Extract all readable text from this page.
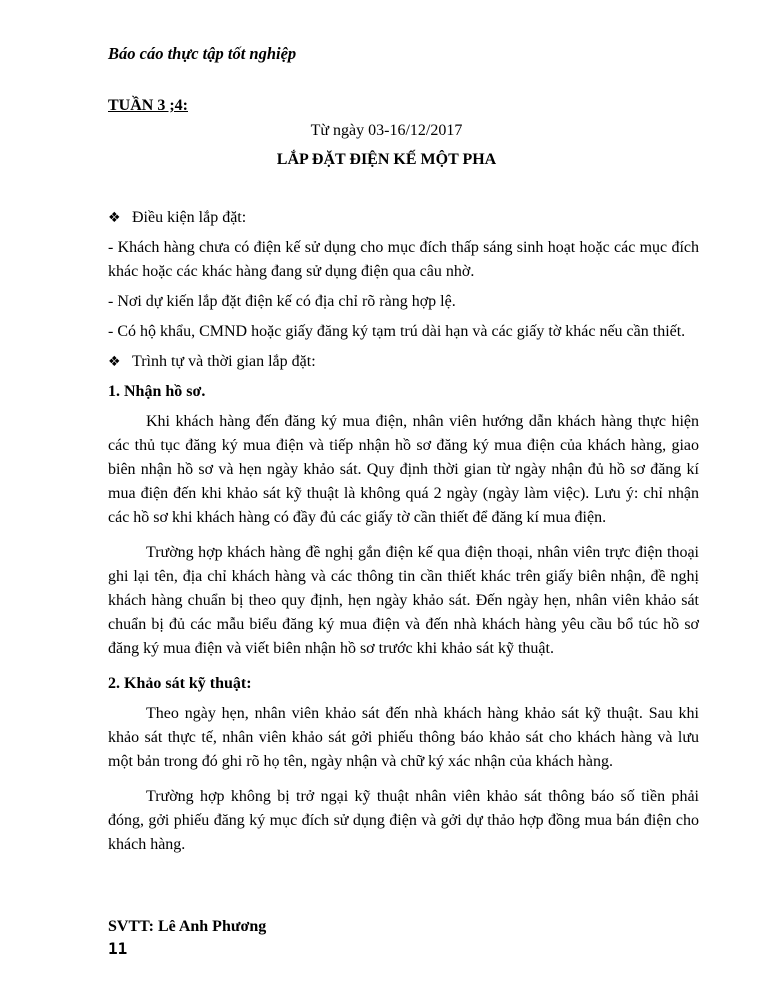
Báo cáo thực tập tốt nghiệp
TUẦN 3 ;4:
Từ ngày 03-16/12/2017
LẮP ĐẶT ĐIỆN KẾ MỘT PHA
❖ Điều kiện lắp đặt:
- Khách hàng chưa có điện kế sử dụng cho mục đích thấp sáng sinh hoạt hoặc các mục đích khác hoặc các khác hàng đang sử dụng điện qua câu nhờ.
- Nơi dự kiến lắp đặt điện kế có địa chỉ rõ ràng hợp lệ.
- Có hộ khẩu, CMND hoặc giấy đăng ký tạm trú dài hạn và các giấy tờ khác nếu cần thiết.
❖ Trình tự và thời gian lắp đặt:
1. Nhận hồ sơ.
Khi khách hàng đến đăng ký mua điện, nhân viên hướng dẫn khách hàng thực hiện các thủ tục đăng ký mua điện và tiếp nhận hồ sơ đăng ký mua điện của khách hàng, giao biên nhận hồ sơ và hẹn ngày khảo sát. Quy định thời gian từ ngày nhận đủ hồ sơ đăng kí mua điện đến khi khảo sát kỹ thuật là không quá 2 ngày (ngày làm việc). Lưu ý: chỉ nhận các hồ sơ khi khách hàng có đầy đủ các giấy tờ cần thiết để đăng kí mua điện.
Trường hợp khách hàng đề nghị gắn điện kế qua điện thoại, nhân viên trực điện thoại ghi lại tên, địa chỉ khách hàng và các thông tin cần thiết khác trên giấy biên nhận, đề nghị khách hàng chuẩn bị theo quy định, hẹn ngày khảo sát. Đến ngày hẹn, nhân viên khảo sát chuẩn bị đủ các mẫu biểu đăng ký mua điện và đến nhà khách hàng yêu cầu bổ túc hồ sơ đăng ký mua điện và viết biên nhận hồ sơ trước khi khảo sát kỹ thuật.
2. Khảo sát kỹ thuật:
Theo ngày hẹn, nhân viên khảo sát đến nhà khách hàng khảo sát kỹ thuật. Sau khi khảo sát thực tế, nhân viên khảo sát gởi phiếu thông báo khảo sát cho khách hàng và lưu một bản trong đó ghi rõ họ tên, ngày nhận và chữ ký xác nhận của khách hàng.
Trường hợp không bị trở ngại kỹ thuật nhân viên khảo sát thông báo số tiền phải đóng, gởi phiếu đăng ký mục đích sử dụng điện và gởi dự thảo hợp đồng mua bán điện cho khách hàng.
SVTT: Lê Anh Phương
11
